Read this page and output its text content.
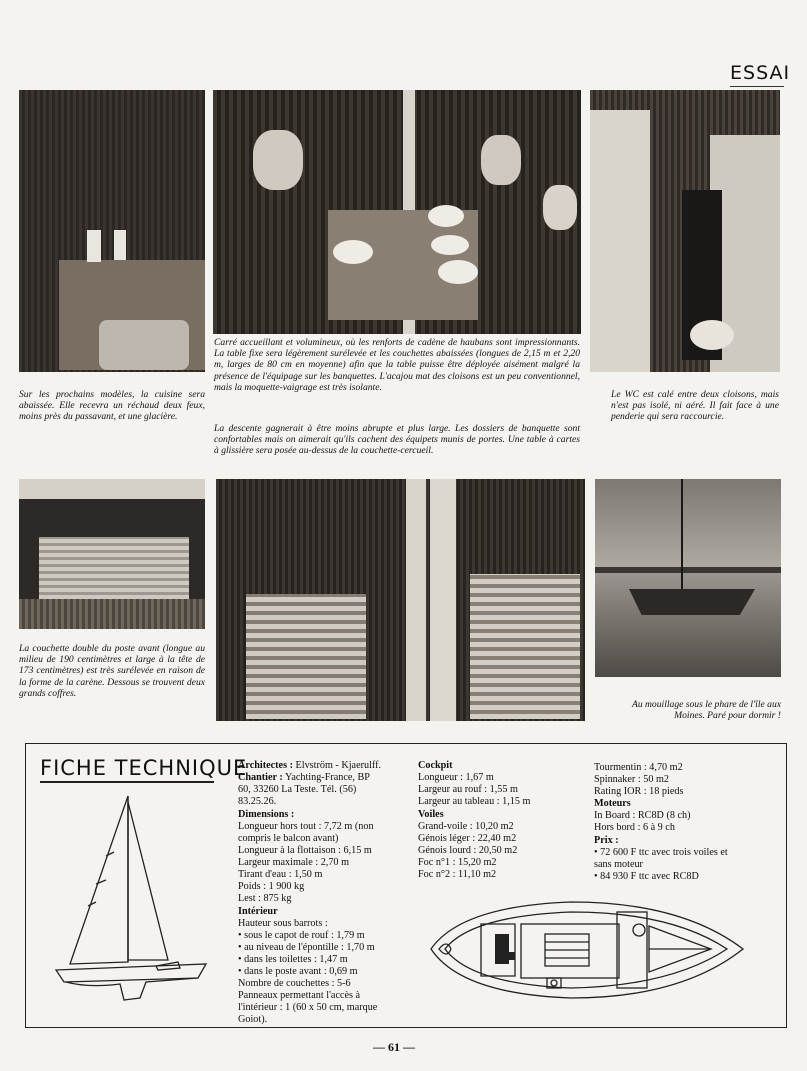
ESSAI
Sur les prochains modèles, la cuisine sera abaissée. Elle recevra un réchaud deux feux, moins près du passavant, et une glacière.
Carré accueillant et volumineux, où les renforts de cadène de haubans sont impressionnants. La table fixe sera légèrement surélevée et les couchettes abaissées (longues de 2,15 m et 2,20 m, larges de 80 cm en moyenne) afin que la table puisse être déployée aisément malgré la présence de l'équipage sur les banquettes. L'acajou mat des cloisons est un peu conventionnel, mais la moquette-vaigrage est très isolante.
La descente gagnerait à être moins abrupte et plus large. Les dossiers de banquette sont confortables mais on aimerait qu'ils cachent des équipets munis de portes. Une table à cartes à glissière sera posée au-dessus de la couchette-cercueil.
Le WC est calé entre deux cloisons, mais n'est pas isolé, ni aéré. Il fait face à une penderie qui sera raccourcie.
La couchette double du poste avant (longue au milieu de 190 centimètres et large à la tête de 173 centimètres) est très surélevée en raison de la forme de la carène. Dessous se trouvent deux grands coffres.
Au mouillage sous le phare de l'île aux Moines. Paré pour dormir !
FICHE TECHNIQUE
Architectes : Elvström - Kjaerulff.
Chantier : Yachting-France, BP
60, 33260 La Teste. Tél. (56)
83.25.26.
Dimensions :
Longueur hors tout : 7,72 m (non
compris le balcon avant)
Longueur à la flottaison : 6,15 m
Largeur maximale : 2,70 m
Tirant d'eau : 1,50 m
Poids : 1 900 kg
Lest : 875 kg
Intérieur
Hauteur sous barrots :
• sous le capot de rouf : 1,79 m
• au niveau de l'épontille : 1,70 m
• dans les toilettes : 1,47 m
• dans le poste avant : 0,69 m
Nombre de couchettes : 5-6
Panneaux permettant l'accès à
l'intérieur : 1 (60 x 50 cm, marque
Goiot).
Cockpit
Longueur : 1,67 m
Largeur au rouf : 1,55 m
Largeur au tableau : 1,15 m
Voiles
Grand-voile : 10,20 m2
Génois léger : 22,40 m2
Génois lourd : 20,50 m2
Foc n°1 : 15,20 m2
Foc n°2 : 11,10 m2
Tourmentin : 4,70 m2
Spinnaker : 50 m2
Rating IOR : 18 pieds
Moteurs
In Board : RC8D (8 ch)
Hors bord : 6 à 9 ch
Prix :
• 72 600 F ttc avec trois voiles et
sans moteur
• 84 930 F ttc avec RC8D
— 61 —
